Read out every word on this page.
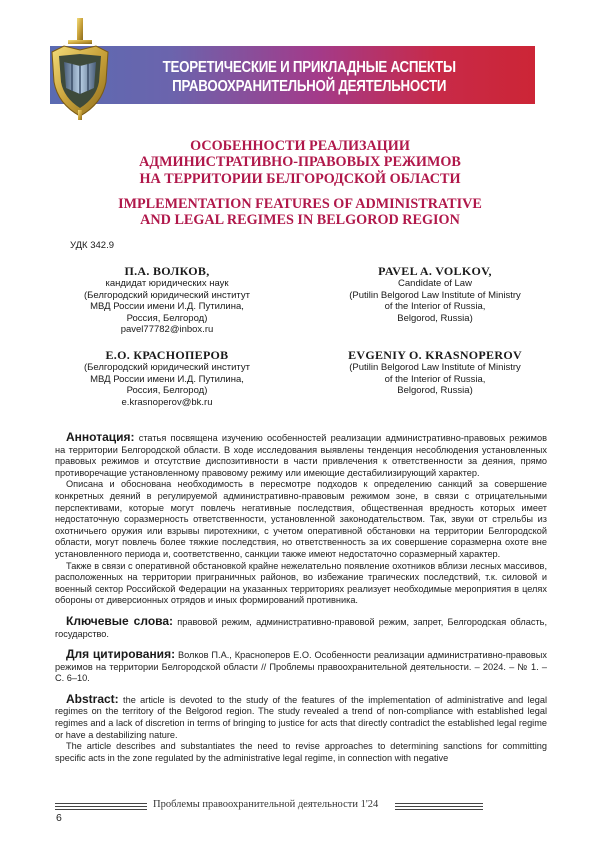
ТЕОРЕТИЧЕСКИЕ И ПРИКЛАДНЫЕ АСПЕКТЫ
ПРАВООХРАНИТЕЛЬНОЙ ДЕЯТЕЛЬНОСТИ
ОСОБЕННОСТИ РЕАЛИЗАЦИИ
АДМИНИСТРАТИВНО-ПРАВОВЫХ РЕЖИМОВ
НА ТЕРРИТОРИИ БЕЛГОРОДСКОЙ ОБЛАСТИ
IMPLEMENTATION FEATURES OF ADMINISTRATIVE
AND LEGAL REGIMES IN BELGOROD REGION
УДК 342.9
П.А. ВОЛКОВ,
кандидат юридических наук
(Белгородский юридический институт
МВД России имени И.Д. Путилина,
Россия, Белгород)
pavel77782@inbox.ru
Е.О. КРАСНОПЕРОВ
(Белгородский юридический институт
МВД России имени И.Д. Путилина,
Россия, Белгород)
e.krasnoperov@bk.ru
PAVEL A. VOLKOV,
Candidate of Law
(Putilin Belgorod Law Institute of Ministry
of the Interior of Russia,
Belgorod, Russia)
EVGENIY O. KRASNOPEROV
(Putilin Belgorod Law Institute of Ministry
of the Interior of Russia,
Belgorod, Russia)

Аннотация: статья посвящена изучению особенностей реализации административно-правовых режимов на территории Белгородской области. В ходе исследования выявлены тенденция несоблюдения установленных правовых режимов и отсутствие диспозитивности в части привлечения к ответственности за деяния, прямо противоречащие установленному правовому режиму или имеющие дестабилизирующий характер.

Описана и обоснована необходимость в пересмотре подходов к определению санкций за совершение конкретных деяний в регулируемой административно-правовым режимом зоне, в связи с отрицательными перспективами, которые могут повлечь негативные последствия, общественная вредность которых имеет недостаточную соразмерность ответственности, установленной законодательством. Так, звуки от стрельбы из охотничьего оружия или взрывы пиротехники, с учетом оперативной обстановки на территории Белгородской области, могут повлечь более тяжкие последствия, но ответственность за их совершение соразмерна охоте вне установленного периода и, соответственно, санкции также имеют недостаточно соразмерный характер.

Также в связи с оперативной обстановкой крайне нежелательно появление охотников вблизи лесных массивов, расположенных на территории приграничных районов, во избежание трагических последствий, т.к. силовой и военный сектор Российской Федерации на указанных территориях реализует необходимые мероприятия в целях обороны от диверсионных отрядов и иных формирований противника.

Ключевые слова: правовой режим, административно-правовой режим, запрет, Белгородская область, государство.

Для цитирования: Волков П.А., Красноперов Е.О. Особенности реализации административно-правовых режимов на территории Белгородской области // Проблемы правоохранительной деятельности. – 2024. – № 1. – С. 6–10.

Abstract: the article is devoted to the study of the features of the implementation of administrative and legal regimes on the territory of the Belgorod region. The study revealed a trend of non-compliance with established legal regimes and a lack of discretion in terms of bringing to justice for acts that directly contradict the established legal regime or have a destabilizing nature.

The article describes and substantiates the need to revise approaches to determining sanctions for committing specific acts in the zone regulated by the administrative legal regime, in connection with negative

Проблемы правоохранительной деятельности 1'24
6
